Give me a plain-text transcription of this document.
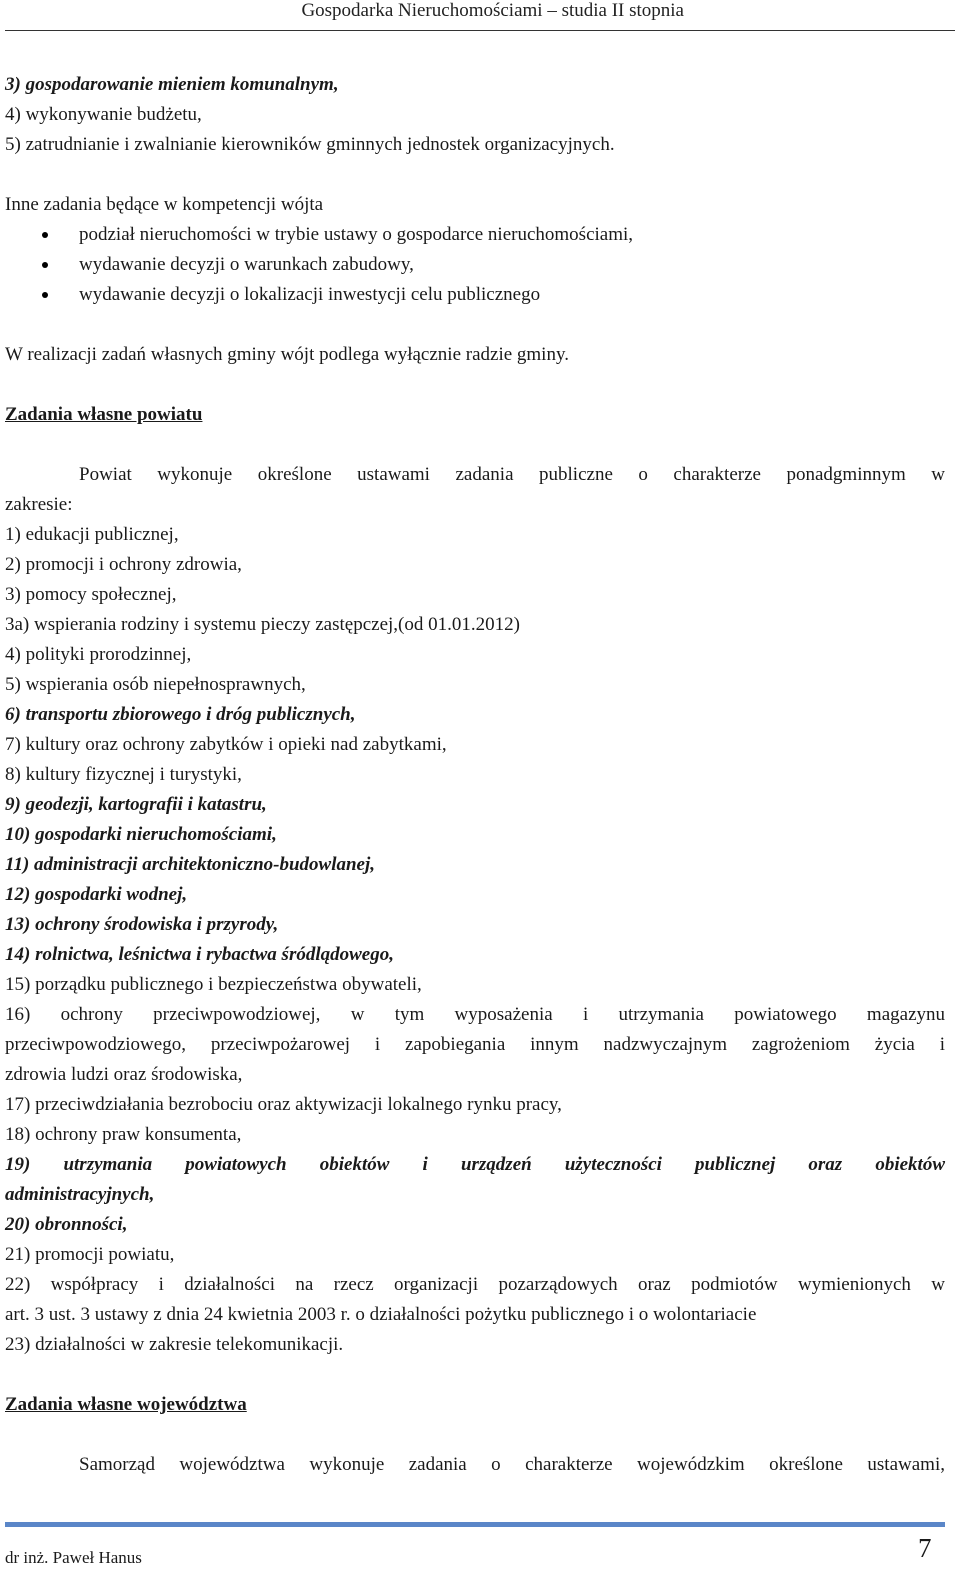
Gospodarka Nieruchomościami – studia II stopnia
3) gospodarowanie mieniem komunalnym,
4) wykonywanie budżetu,
5) zatrudnianie i zwalnianie kierowników gminnych jednostek organizacyjnych.
Inne zadania będące w kompetencji wójta
podział nieruchomości w trybie ustawy o gospodarce nieruchomościami,
wydawanie decyzji o warunkach zabudowy,
wydawanie decyzji o lokalizacji inwestycji celu publicznego
W realizacji zadań własnych gminy wójt podlega wyłącznie radzie gminy.
Zadania własne powiatu
Powiat wykonuje określone ustawami zadania publiczne o charakterze ponadgminnym w
zakresie:
1) edukacji publicznej,
2) promocji i ochrony zdrowia,
3) pomocy społecznej,
3a) wspierania rodziny i systemu pieczy zastępczej,(od 01.01.2012)
4) polityki prorodzinnej,
5) wspierania osób niepełnosprawnych,
6) transportu zbiorowego i dróg publicznych,
7) kultury oraz ochrony zabytków i opieki nad zabytkami,
8) kultury fizycznej i turystyki,
9) geodezji, kartografii i katastru,
10) gospodarki nieruchomościami,
11) administracji architektoniczno-budowlanej,
12) gospodarki wodnej,
13) ochrony środowiska i przyrody,
14) rolnictwa, leśnictwa i rybactwa śródlądowego,
15) porządku publicznego i bezpieczeństwa obywateli,
16) ochrony przeciwpowodziowej, w tym wyposażenia i utrzymania powiatowego magazynu
przeciwpowodziowego, przeciwpożarowej i zapobiegania innym nadzwyczajnym zagrożeniom życia i
zdrowia ludzi oraz środowiska,
17) przeciwdziałania bezrobociu oraz aktywizacji lokalnego rynku pracy,
18) ochrony praw konsumenta,
19) utrzymania powiatowych obiektów i urządzeń użyteczności publicznej oraz obiektów
administracyjnych,
20) obronności,
21) promocji powiatu,
22) współpracy i działalności na rzecz organizacji pozarządowych oraz podmiotów wymienionych w
art. 3 ust. 3 ustawy z dnia 24 kwietnia 2003 r. o działalności pożytku publicznego i o wolontariacie
23) działalności w zakresie telekomunikacji.
Zadania własne województwa
Samorząd województwa wykonuje zadania o charakterze wojewódzkim określone ustawami,
dr inż. Paweł Hanus	7
